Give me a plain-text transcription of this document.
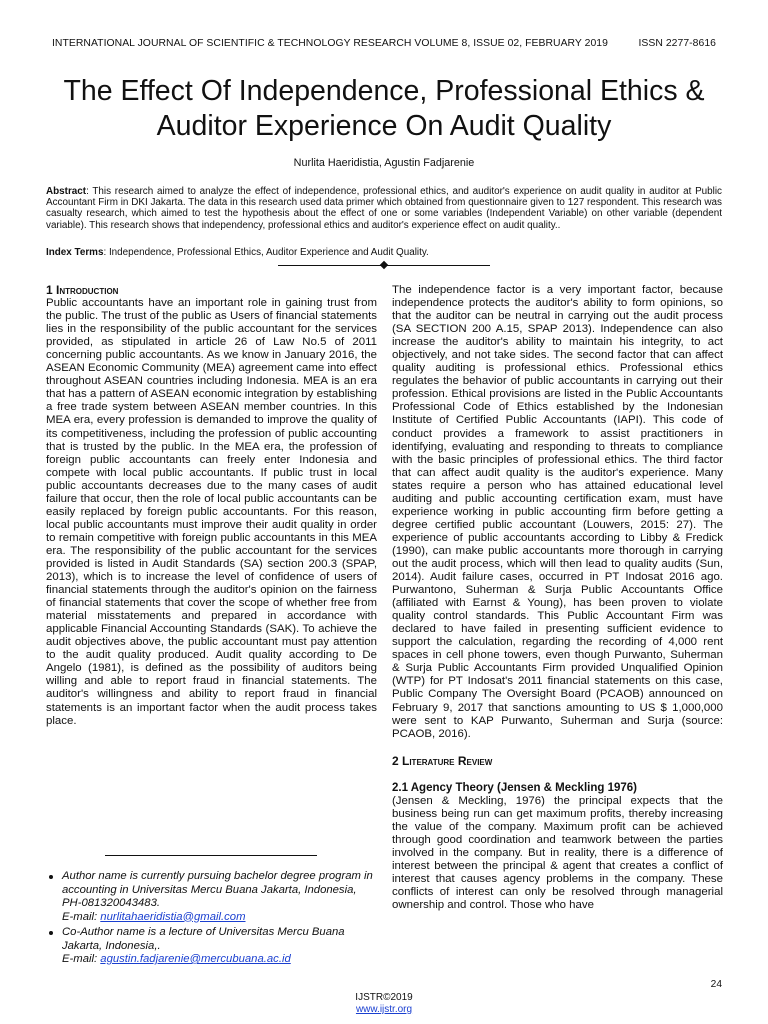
INTERNATIONAL JOURNAL OF SCIENTIFIC & TECHNOLOGY RESEARCH VOLUME 8, ISSUE 02, FEBRUARY 2019	ISSN 2277-8616
The Effect Of Independence, Professional Ethics &
Auditor Experience On Audit Quality
Nurlita Haeridistia, Agustin Fadjarenie

Abstract: This research aimed to analyze the effect of independence, professional ethics, and auditor's experience on audit quality in auditor at Public Accountant Firm in DKI Jakarta. The data in this research used data primer which obtained from questionnaire given to 127 respondent. This research was casualty research, which aimed to test the hypothesis about the effect of one or some variables (Independent Variable) on other variable (dependent variable). This research shows that independency, professional ethics and auditor's experience effect on audit quality..

Index Terms: Independence, Professional Ethics, Auditor Experience and Audit Quality.

1 Introduction

Public accountants have an important role in gaining trust from the public. The trust of the public as Users of financial statements lies in the responsibility of the public accountant for the services provided, as stipulated in article 26 of Law No.5 of 2011 concerning public accountants. As we know in January 2016, the ASEAN Economic Community (MEA) agreement came into effect throughout ASEAN countries including Indonesia. MEA is an era that has a pattern of ASEAN economic integration by establishing a free trade system between ASEAN member countries. In this MEA era, every profession is demanded to improve the quality of its competitiveness, including the profession of public accounting that is trusted by the public. In the MEA era, the profession of foreign public accountants can freely enter Indonesia and compete with local public accountants. If public trust in local public accountants decreases due to the many cases of audit failure that occur, then the role of local public accountants can be easily replaced by foreign public accountants. For this reason, local public accountants must improve their audit quality in order to remain competitive with foreign public accountants in this MEA era. The responsibility of the public accountant for the services provided is listed in Audit Standards (SA) section 200.3 (SPAP, 2013), which is to increase the level of confidence of users of financial statements through the auditor's opinion on the fairness of financial statements that cover the scope of whether free from material misstatements and prepared in accordance with applicable Financial Accounting Standards (SAK). To achieve the audit objectives above, the public accountant must pay attention to the audit quality produced. Audit quality according to De Angelo (1981), is defined as the possibility of auditors being willing and able to report fraud in financial statements. The auditor's willingness and ability to report fraud in financial statements is an important factor when the audit process takes place.

The independence factor is a very important factor, because independence protects the auditor's ability to form opinions, so that the auditor can be neutral in carrying out the audit process (SA SECTION 200 A.15, SPAP 2013). Independence can also increase the auditor's ability to maintain his integrity, to act objectively, and not take sides. The second factor that can affect quality auditing is professional ethics. Professional ethics regulates the behavior of public accountants in carrying out their profession. Ethical provisions are listed in the Public Accountants Professional Code of Ethics established by the Indonesian Institute of Certified Public Accountants (IAPI). This code of conduct provides a framework to assist practitioners in identifying, evaluating and responding to threats to compliance with the basic principles of professional ethics. The third factor that can affect audit quality is the auditor's experience. Many states require a person who has attained educational level auditing and public accounting certification exam, must have experience working in public accounting firm before getting a degree certified public accountant (Louwers, 2015: 27). The experience of public accountants according to Libby & Fredick (1990), can make public accountants more thorough in carrying out the audit process, which will then lead to quality audits (Sun, 2014). Audit failure cases, occurred in PT Indosat 2016 ago. Purwantono, Suherman & Surja Public Accountants Office (affiliated with Earnst & Young), has been proven to violate quality control standards. This Public Accountant Firm was declared to have failed in presenting sufficient evidence to support the calculation, regarding the recording of 4,000 rent spaces in cell phone towers, even though Purwanto, Suherman & Surja Public Accountants Firm provided Unqualified Opinion (WTP) for PT Indosat's 2011 financial statements on this case, Public Company The Oversight Board (PCAOB) announced on February 9, 2017 that sanctions amounting to US $ 1,000,000 were sent to KAP Purwanto, Suherman and Surja (source: PCAOB, 2016).

2 Literature Review
2.1 Agency Theory (Jensen & Meckling 1976)

(Jensen & Meckling, 1976) the principal expects that the business being run can get maximum profits, thereby increasing the value of the company. Maximum profit can be achieved through good coordination and teamwork between the parties involved in the company. But in reality, there is a difference of interest between the principal & agent that creates a conflict of interest that causes agency problems in the company. These conflicts of interest can only be resolved through managerial ownership and control. Those who have

Author name is currently pursuing bachelor degree program in accounting in Universitas Mercu Buana Jakarta, Indonesia, PH-081320043483.
E-mail: nurlitahaeridistia@gmail.com
Co-Author name is a lecture of Universitas Mercu Buana Jakarta, Indonesia,.
E-mail: agustin.fadjarenie@mercubuana.ac.id
24
IJSTR©2019
www.ijstr.org
